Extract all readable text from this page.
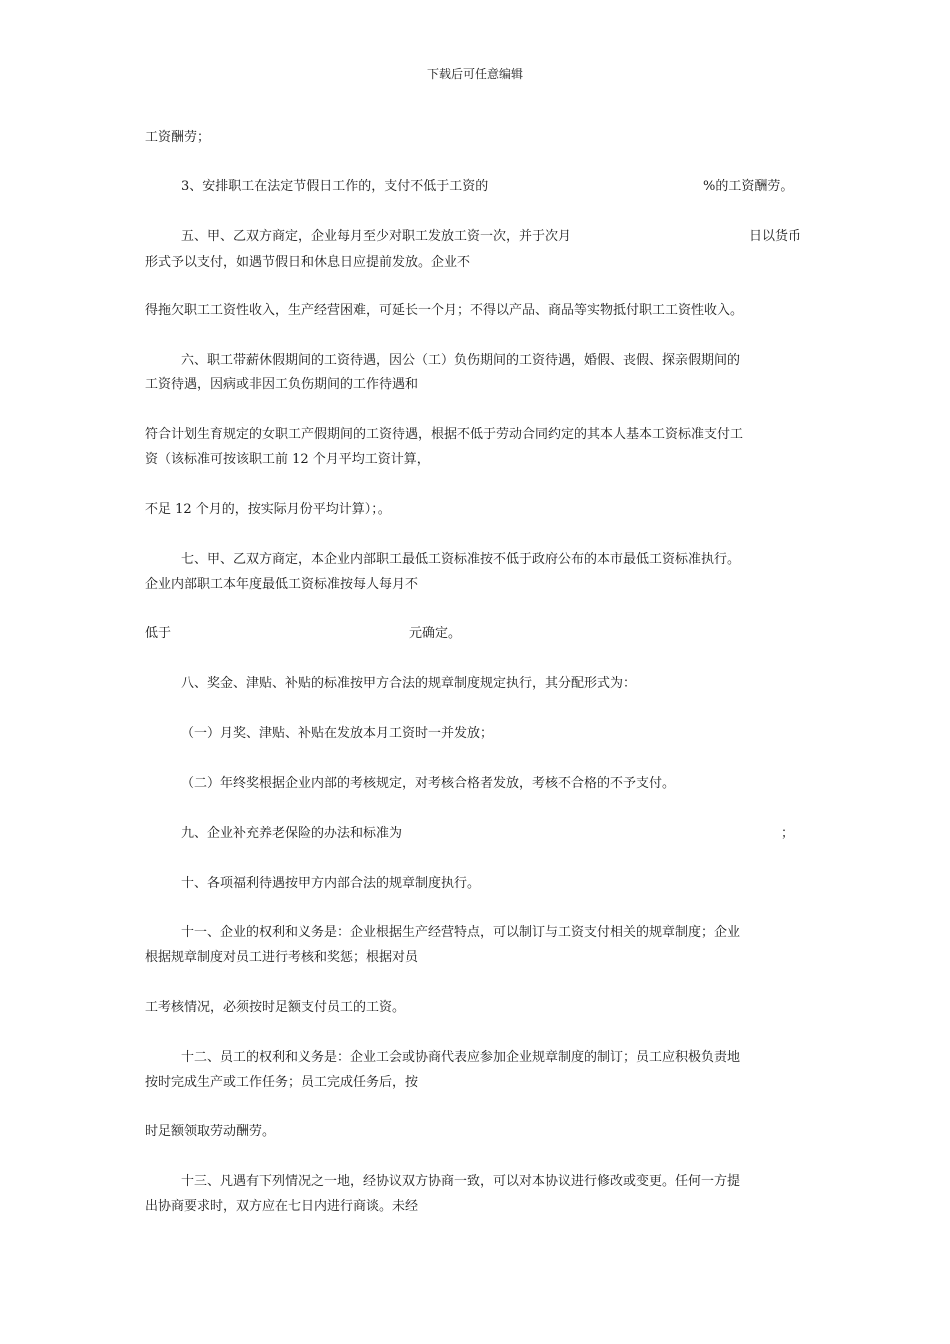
下载后可任意编辑
工资酬劳；
3、安排职工在法定节假日工作的，支付不低于工资的	%的工资酬劳。
五、甲、乙双方商定，企业每月至少对职工发放工资一次，并于次月	日以货币
形式予以支付，如遇节假日和休息日应提前发放。企业不
得拖欠职工工资性收入，生产经营困难，可延长一个月；不得以产品、商品等实物抵付职工工资性收入。
六、职工带薪休假期间的工资待遇，因公（工）负伤期间的工资待遇，婚假、丧假、探亲假期间的
工资待遇，因病或非因工负伤期间的工作待遇和
符合计划生育规定的女职工产假期间的工资待遇，根据不低于劳动合同约定的其本人基本工资标准支付工
资（该标准可按该职工前 12 个月平均工资计算，
不足 12 个月的，按实际月份平均计算）；。
七、甲、乙双方商定，本企业内部职工最低工资标准按不低于政府公布的本市最低工资标准执行。
企业内部职工本年度最低工资标准按每人每月不
低于	元确定。
八、奖金、津贴、补贴的标准按甲方合法的规章制度规定执行，其分配形式为：
（一）月奖、津贴、补贴在发放本月工资时一并发放；
（二）年终奖根据企业内部的考核规定，对考核合格者发放，考核不合格的不予支付。
九、企业补充养老保险的办法和标准为	；
十、各项福利待遇按甲方内部合法的规章制度执行。
十一、企业的权利和义务是：企业根据生产经营特点，可以制订与工资支付相关的规章制度；企业
根据规章制度对员工进行考核和奖惩；根据对员
工考核情况，必须按时足额支付员工的工资。
十二、员工的权利和义务是：企业工会或协商代表应参加企业规章制度的制订；员工应积极负责地
按时完成生产或工作任务；员工完成任务后，按
时足额领取劳动酬劳。
十三、凡遇有下列情况之一地，经协议双方协商一致，可以对本协议进行修改或变更。任何一方提
出协商要求时，双方应在七日内进行商谈。未经
